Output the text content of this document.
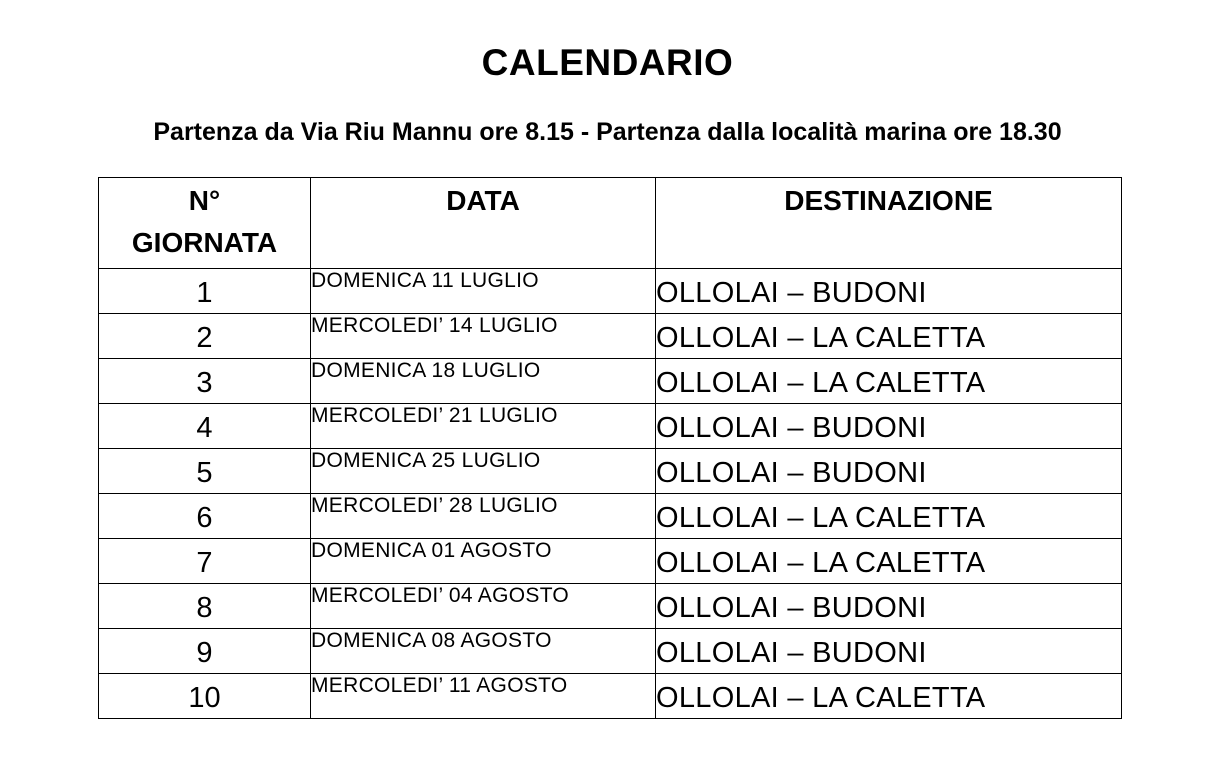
CALENDARIO
Partenza da Via Riu Mannu ore 8.15 - Partenza dalla località marina ore 18.30
N°
GIORNATA	DATA	DESTINAZIONE
1	DOMENICA 11 LUGLIO	OLLOLAI – BUDONI
2	MERCOLEDI’ 14 LUGLIO	OLLOLAI – LA CALETTA
3	DOMENICA 18 LUGLIO	OLLOLAI – LA CALETTA
4	MERCOLEDI’ 21 LUGLIO	OLLOLAI – BUDONI
5	DOMENICA 25 LUGLIO	OLLOLAI – BUDONI
6	MERCOLEDI’ 28 LUGLIO	OLLOLAI – LA CALETTA
7	DOMENICA 01 AGOSTO	OLLOLAI – LA CALETTA
8	MERCOLEDI’ 04 AGOSTO	OLLOLAI – BUDONI
9	DOMENICA 08 AGOSTO	OLLOLAI – BUDONI
10	MERCOLEDI’ 11 AGOSTO	OLLOLAI – LA CALETTA
